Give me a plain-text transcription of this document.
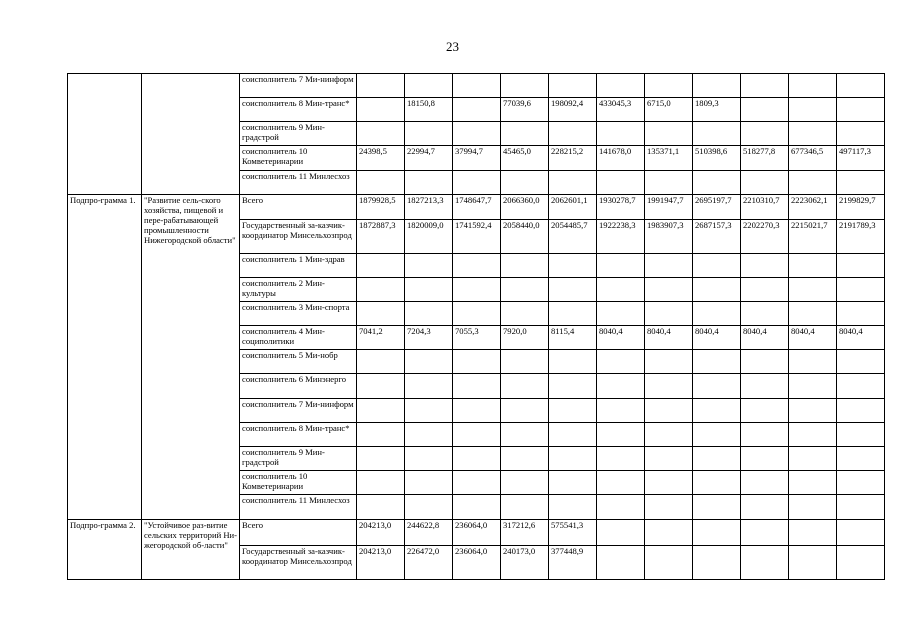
23
		соисполнитель 7 Ми-нинформ											
		соисполнитель 8 Мин-транс*		18150,8		77039,6	198092,4	433045,3	6715,0	1809,3			
		соисполнитель 9 Мин-градстрой											
		соисполнитель 10 Комветеринарии	24398,5	22994,7	37994,7	45465,0	228215,2	141678,0	135371,1	510398,6	518277,8	677346,5	497117,3
		соисполнитель 11 Минлесхоз											
Подпро-грамма 1.	"Развитие сель-ского хозяйства, пищевой и пере-рабатывающей промышленности Нижегородской области"	Всего	1879928,5	1827213,3	1748647,7	2066360,0	2062601,1	1930278,7	1991947,7	2695197,7	2210310,7	2223062,1	2199829,7
		Государственный за-казчик-координатор Минсельхозпрод	1872887,3	1820009,0	1741592,4	2058440,0	2054485,7	1922238,3	1983907,3	2687157,3	2202270,3	2215021,7	2191789,3
		соисполнитель 1 Мин-здрав											
		соисполнитель 2 Мин-культуры											
		соисполнитель 3 Мин-спорта											
		соисполнитель 4 Мин-социполитики	7041,2	7204,3	7055,3	7920,0	8115,4	8040,4	8040,4	8040,4	8040,4	8040,4	8040,4
		соисполнитель 5 Ми-нобр											
		соисполнитель 6 Минэнерго											
		соисполнитель 7 Ми-нинформ											
		соисполнитель 8 Мин-транс*											
		соисполнитель 9 Мин-градстрой											
		соисполнитель 10 Комветеринарии											
		соисполнитель 11 Минлесхоз											
Подпро-грамма 2.	"Устойчивое раз-витие сельских территорий Ни-жегородской об-ласти"	Всего	204213,0	244622,8	236064,0	317212,6	575541,3						
		Государственный за-казчик-координатор Минсельхозпрод	204213,0	226472,0	236064,0	240173,0	377448,9						
